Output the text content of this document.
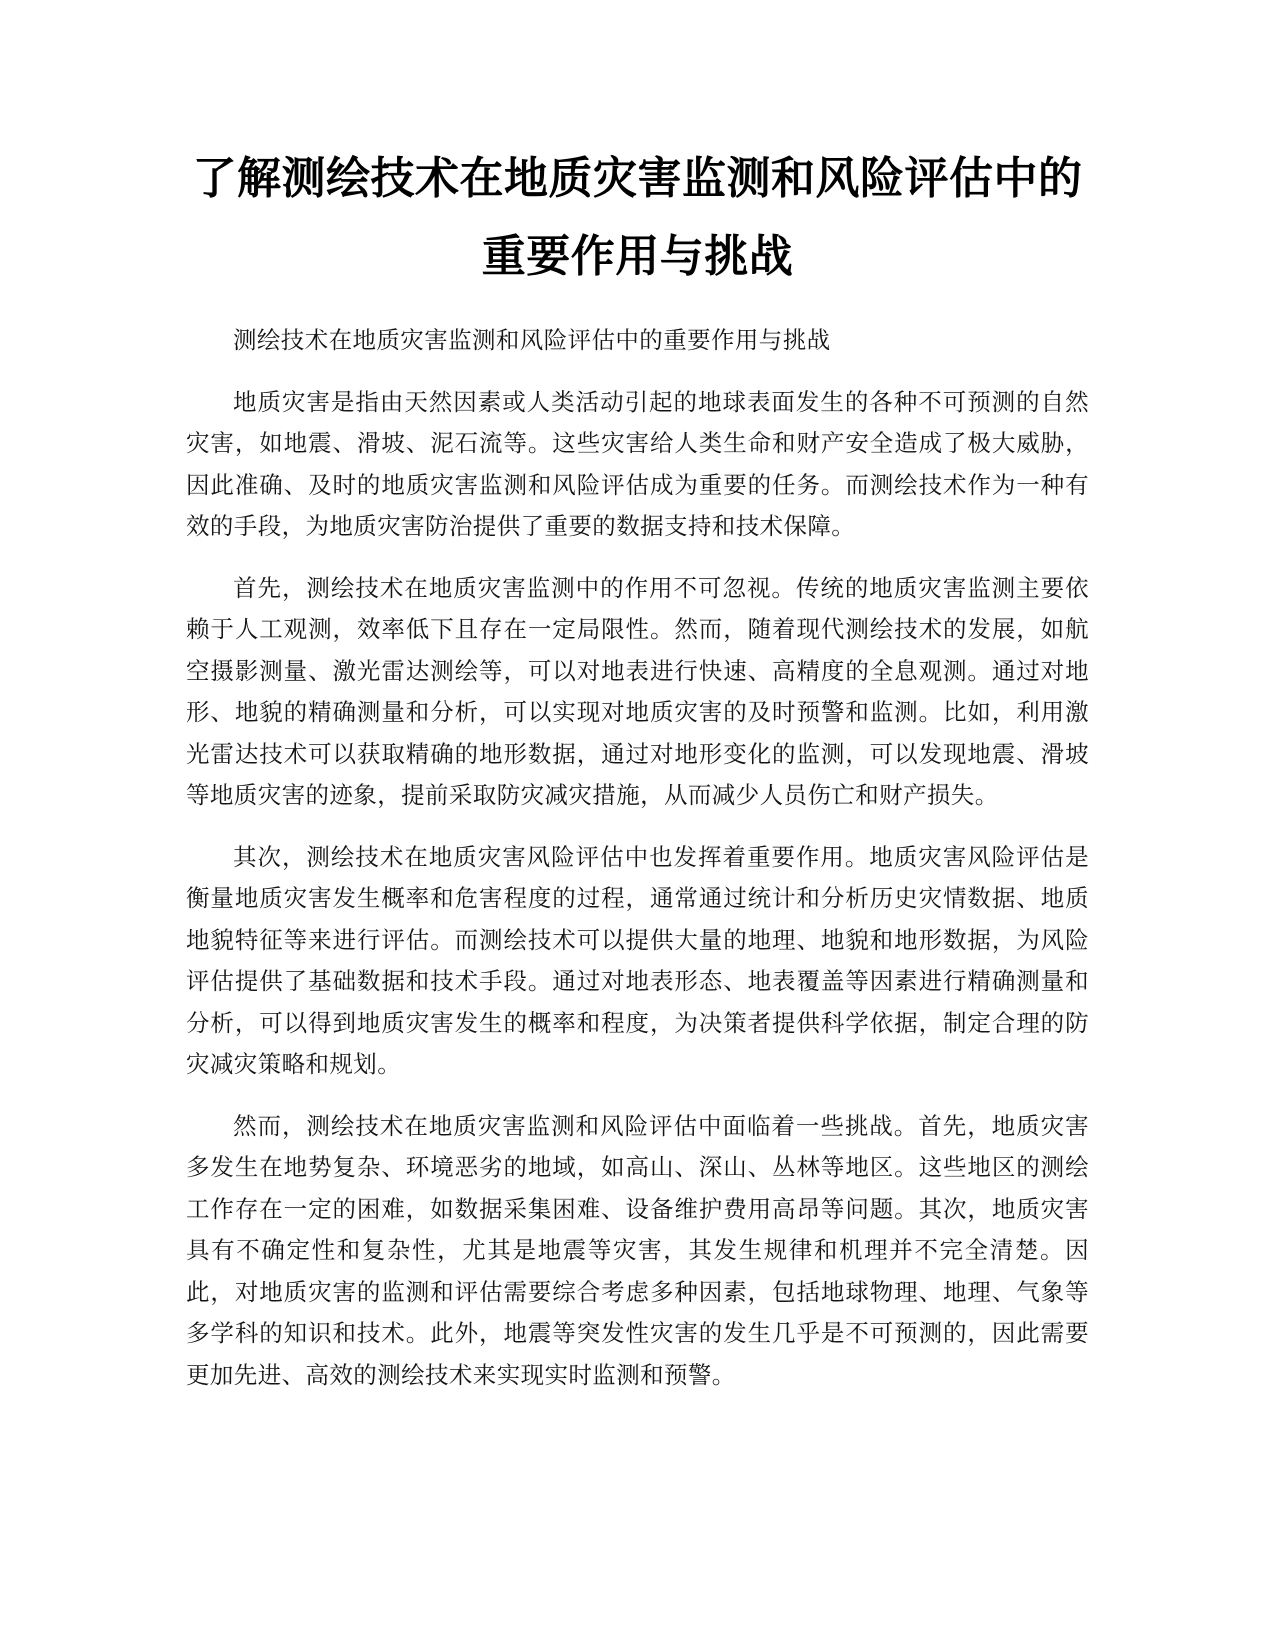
了解测绘技术在地质灾害监测和风险评估中的重要作用与挑战

测绘技术在地质灾害监测和风险评估中的重要作用与挑战

地质灾害是指由天然因素或人类活动引起的地球表面发生的各种不可预测的自然灾害，如地震、滑坡、泥石流等。这些灾害给人类生命和财产安全造成了极大威胁，因此准确、及时的地质灾害监测和风险评估成为重要的任务。而测绘技术作为一种有效的手段，为地质灾害防治提供了重要的数据支持和技术保障。

首先，测绘技术在地质灾害监测中的作用不可忽视。传统的地质灾害监测主要依赖于人工观测，效率低下且存在一定局限性。然而，随着现代测绘技术的发展，如航空摄影测量、激光雷达测绘等，可以对地表进行快速、高精度的全息观测。通过对地形、地貌的精确测量和分析，可以实现对地质灾害的及时预警和监测。比如，利用激光雷达技术可以获取精确的地形数据，通过对地形变化的监测，可以发现地震、滑坡等地质灾害的迹象，提前采取防灾减灾措施，从而减少人员伤亡和财产损失。

其次，测绘技术在地质灾害风险评估中也发挥着重要作用。地质灾害风险评估是衡量地质灾害发生概率和危害程度的过程，通常通过统计和分析历史灾情数据、地质地貌特征等来进行评估。而测绘技术可以提供大量的地理、地貌和地形数据，为风险评估提供了基础数据和技术手段。通过对地表形态、地表覆盖等因素进行精确测量和分析，可以得到地质灾害发生的概率和程度，为决策者提供科学依据，制定合理的防灾减灾策略和规划。

然而，测绘技术在地质灾害监测和风险评估中面临着一些挑战。首先，地质灾害多发生在地势复杂、环境恶劣的地域，如高山、深山、丛林等地区。这些地区的测绘工作存在一定的困难，如数据采集困难、设备维护费用高昂等问题。其次，地质灾害具有不确定性和复杂性，尤其是地震等灾害，其发生规律和机理并不完全清楚。因此，对地质灾害的监测和评估需要综合考虑多种因素，包括地球物理、地理、气象等多学科的知识和技术。此外，地震等突发性灾害的发生几乎是不可预测的，因此需要更加先进、高效的测绘技术来实现实时监测和预警。
